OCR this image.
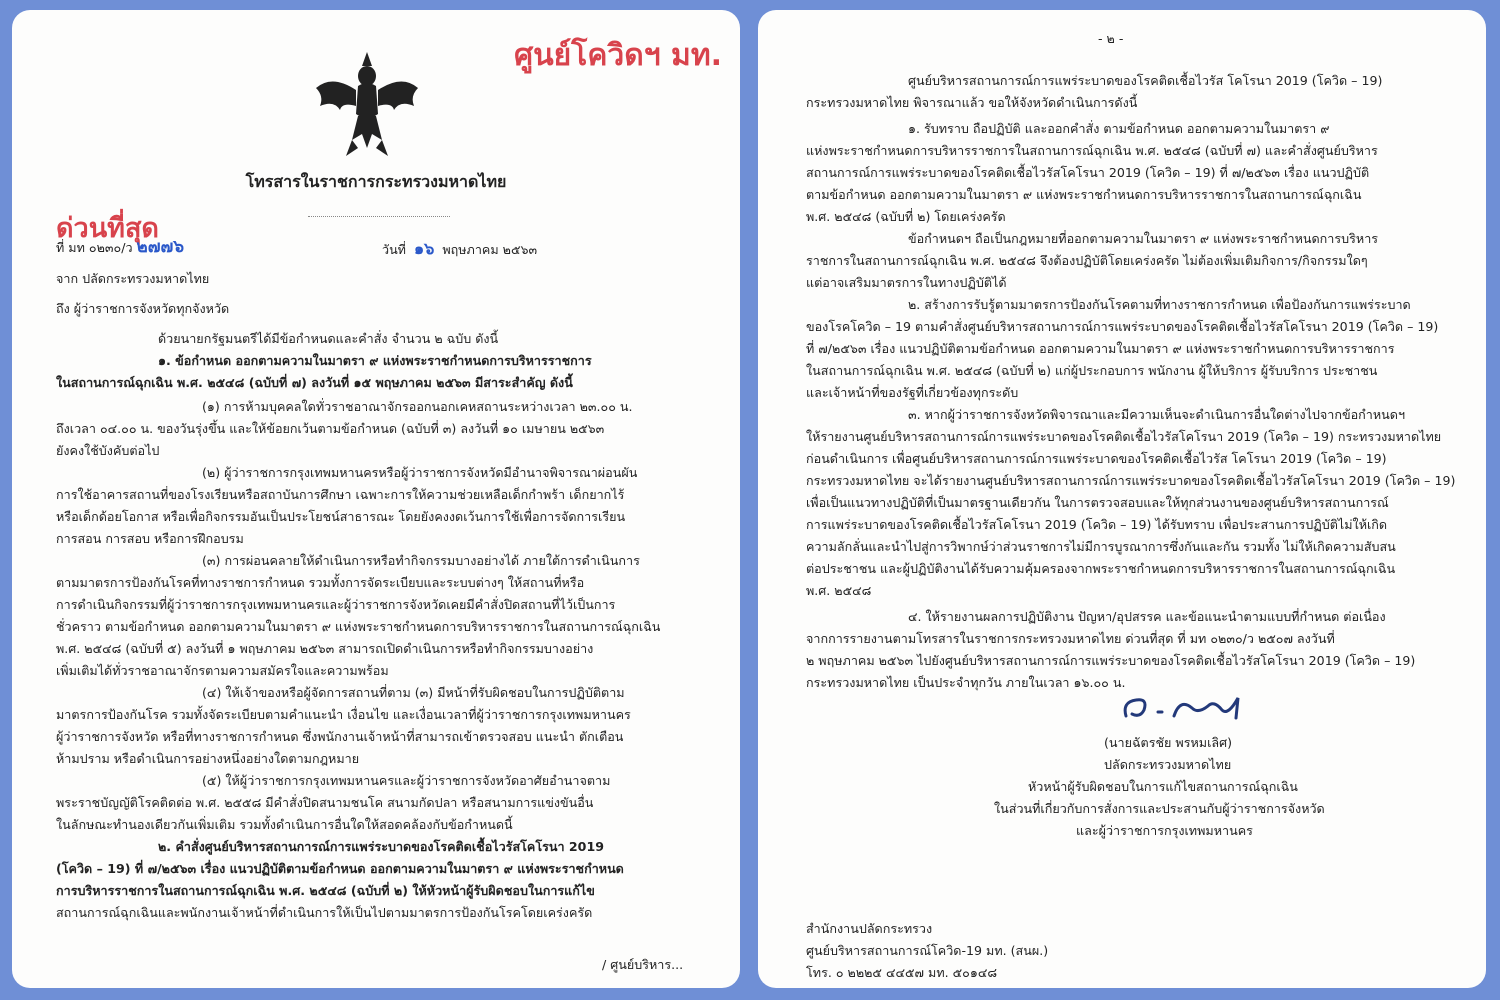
ศูนย์โควิดฯ มท.
โทรสารในราชการกระทรวงมหาดไทย
ด่วนที่สุด
ที่ มท ๐๒๓๐/ว ๒๗๗๖	วันที่ ๑๖ พฤษภาคม ๒๕๖๓
จาก ปลัดกระทรวงมหาดไทย
ถึง ผู้ว่าราชการจังหวัดทุกจังหวัด
ด้วยนายกรัฐมนตรีได้มีข้อกำหนดและคำสั่ง จำนวน ๒ ฉบับ ดังนี้
๑. ข้อกำหนด ออกตามความในมาตรา ๙ แห่งพระราชกำหนดการบริหารราชการ
ในสถานการณ์ฉุกเฉิน พ.ศ. ๒๕๔๘ (ฉบับที่ ๗) ลงวันที่ ๑๕ พฤษภาคม ๒๕๖๓ มีสาระสำคัญ ดังนี้
(๑) การห้ามบุคคลใดทั่วราชอาณาจักรออกนอกเคหสถานระหว่างเวลา ๒๓.๐๐ น.
ถึงเวลา ๐๔.๐๐ น. ของวันรุ่งขึ้น และให้ข้อยกเว้นตามข้อกำหนด (ฉบับที่ ๓) ลงวันที่ ๑๐ เมษายน ๒๕๖๓
ยังคงใช้บังคับต่อไป
(๒) ผู้ว่าราชการกรุงเทพมหานครหรือผู้ว่าราชการจังหวัดมีอำนาจพิจารณาผ่อนผัน
การใช้อาคารสถานที่ของโรงเรียนหรือสถาบันการศึกษา เฉพาะการให้ความช่วยเหลือเด็กกำพร้า เด็กยากไร้
หรือเด็กด้อยโอกาส หรือเพื่อกิจกรรมอันเป็นประโยชน์สาธารณะ โดยยังคงงดเว้นการใช้เพื่อการจัดการเรียน
การสอน การสอบ หรือการฝึกอบรม
(๓) การผ่อนคลายให้ดำเนินการหรือทำกิจกรรมบางอย่างได้ ภายใต้การดำเนินการ
ตามมาตรการป้องกันโรคที่ทางราชการกำหนด รวมทั้งการจัดระเบียบและระบบต่างๆ ให้สถานที่หรือ
การดำเนินกิจกรรมที่ผู้ว่าราชการกรุงเทพมหานครและผู้ว่าราชการจังหวัดเคยมีคำสั่งปิดสถานที่ไว้เป็นการ
ชั่วคราว ตามข้อกำหนด ออกตามความในมาตรา ๙ แห่งพระราชกำหนดการบริหารราชการในสถานการณ์ฉุกเฉิน
พ.ศ. ๒๕๔๘ (ฉบับที่ ๕) ลงวันที่ ๑ พฤษภาคม ๒๕๖๓ สามารถเปิดดำเนินการหรือทำกิจกรรมบางอย่าง
เพิ่มเติมได้ทั่วราชอาณาจักรตามความสมัครใจและความพร้อม
(๔) ให้เจ้าของหรือผู้จัดการสถานที่ตาม (๓) มีหน้าที่รับผิดชอบในการปฏิบัติตาม
มาตรการป้องกันโรค รวมทั้งจัดระเบียบตามคำแนะนำ เงื่อนไข และเงื่อนเวลาที่ผู้ว่าราชการกรุงเทพมหานคร
ผู้ว่าราชการจังหวัด หรือที่ทางราชการกำหนด ซึ่งพนักงานเจ้าหน้าที่สามารถเข้าตรวจสอบ แนะนำ ตักเตือน
ห้ามปราม หรือดำเนินการอย่างหนึ่งอย่างใดตามกฎหมาย
(๕) ให้ผู้ว่าราชการกรุงเทพมหานครและผู้ว่าราชการจังหวัดอาศัยอำนาจตาม
พระราชบัญญัติโรคติดต่อ พ.ศ. ๒๕๕๘ มีคำสั่งปิดสนามชนโค สนามกัดปลา หรือสนามการแข่งขันอื่น
ในลักษณะทำนองเดียวกันเพิ่มเติม รวมทั้งดำเนินการอื่นใดให้สอดคล้องกับข้อกำหนดนี้
๒. คำสั่งศูนย์บริหารสถานการณ์การแพร่ระบาดของโรคติดเชื้อไวรัสโคโรนา 2019
(โควิด – 19) ที่ ๗/๒๕๖๓ เรื่อง แนวปฏิบัติตามข้อกำหนด ออกตามความในมาตรา ๙ แห่งพระราชกำหนด
การบริหารราชการในสถานการณ์ฉุกเฉิน พ.ศ. ๒๕๔๘ (ฉบับที่ ๒) ให้หัวหน้าผู้รับผิดชอบในการแก้ไข
สถานการณ์ฉุกเฉินและพนักงานเจ้าหน้าที่ดำเนินการให้เป็นไปตามมาตรการป้องกันโรคโดยเคร่งครัด
/ ศูนย์บริหาร...
- ๒ -
ศูนย์บริหารสถานการณ์การแพร่ระบาดของโรคติดเชื้อไวรัส โคโรนา 2019 (โควิด – 19)
กระทรวงมหาดไทย พิจารณาแล้ว ขอให้จังหวัดดำเนินการดังนี้
๑. รับทราบ ถือปฏิบัติ และออกคำสั่ง ตามข้อกำหนด ออกตามความในมาตรา ๙
แห่งพระราชกำหนดการบริหารราชการในสถานการณ์ฉุกเฉิน พ.ศ. ๒๕๔๘ (ฉบับที่ ๗) และคำสั่งศูนย์บริหาร
สถานการณ์การแพร่ระบาดของโรคติดเชื้อไวรัสโคโรนา 2019 (โควิด – 19) ที่ ๗/๒๕๖๓ เรื่อง แนวปฏิบัติ
ตามข้อกำหนด ออกตามความในมาตรา ๙ แห่งพระราชกำหนดการบริหารราชการในสถานการณ์ฉุกเฉิน
พ.ศ. ๒๕๔๘ (ฉบับที่ ๒) โดยเคร่งครัด
ข้อกำหนดฯ ถือเป็นกฎหมายที่ออกตามความในมาตรา ๙ แห่งพระราชกำหนดการบริหาร
ราชการในสถานการณ์ฉุกเฉิน พ.ศ. ๒๕๔๘ จึงต้องปฏิบัติโดยเคร่งครัด ไม่ต้องเพิ่มเติมกิจการ/กิจกรรมใดๆ
แต่อาจเสริมมาตรการในทางปฏิบัติได้
๒. สร้างการรับรู้ตามมาตรการป้องกันโรคตามที่ทางราชการกำหนด เพื่อป้องกันการแพร่ระบาด
ของโรคโควิด – 19 ตามคำสั่งศูนย์บริหารสถานการณ์การแพร่ระบาดของโรคติดเชื้อไวรัสโคโรนา 2019 (โควิด – 19)
ที่ ๗/๒๕๖๓ เรื่อง แนวปฏิบัติตามข้อกำหนด ออกตามความในมาตรา ๙ แห่งพระราชกำหนดการบริหารราชการ
ในสถานการณ์ฉุกเฉิน พ.ศ. ๒๕๔๘ (ฉบับที่ ๒) แก่ผู้ประกอบการ พนักงาน ผู้ให้บริการ ผู้รับบริการ ประชาชน
และเจ้าหน้าที่ของรัฐที่เกี่ยวข้องทุกระดับ
๓. หากผู้ว่าราชการจังหวัดพิจารณาและมีความเห็นจะดำเนินการอื่นใดต่างไปจากข้อกำหนดฯ
ให้รายงานศูนย์บริหารสถานการณ์การแพร่ระบาดของโรคติดเชื้อไวรัสโคโรนา 2019 (โควิด – 19) กระทรวงมหาดไทย
ก่อนดำเนินการ เพื่อศูนย์บริหารสถานการณ์การแพร่ระบาดของโรคติดเชื้อไวรัส โคโรนา 2019 (โควิด – 19)
กระทรวงมหาดไทย จะได้รายงานศูนย์บริหารสถานการณ์การแพร่ระบาดของโรคติดเชื้อไวรัสโคโรนา 2019 (โควิด – 19)
เพื่อเป็นแนวทางปฏิบัติที่เป็นมาตรฐานเดียวกัน ในการตรวจสอบและให้ทุกส่วนงานของศูนย์บริหารสถานการณ์
การแพร่ระบาดของโรคติดเชื้อไวรัสโคโรนา 2019 (โควิด – 19) ได้รับทราบ เพื่อประสานการปฏิบัติไม่ให้เกิด
ความลักลั่นและนำไปสู่การวิพากษ์ว่าส่วนราชการไม่มีการบูรณาการซึ่งกันและกัน รวมทั้ง ไม่ให้เกิดความสับสน
ต่อประชาชน และผู้ปฏิบัติงานได้รับความคุ้มครองจากพระราชกำหนดการบริหารราชการในสถานการณ์ฉุกเฉิน
พ.ศ. ๒๕๔๘
๔. ให้รายงานผลการปฏิบัติงาน ปัญหา/อุปสรรค และข้อแนะนำตามแบบที่กำหนด ต่อเนื่อง
จากการรายงานตามโทรสารในราชการกระทรวงมหาดไทย ด่วนที่สุด ที่ มท ๐๒๓๐/ว ๒๕๐๗ ลงวันที่
๒ พฤษภาคม ๒๕๖๓ ไปยังศูนย์บริหารสถานการณ์การแพร่ระบาดของโรคติดเชื้อไวรัสโคโรนา 2019 (โควิด – 19)
กระทรวงมหาดไทย เป็นประจำทุกวัน ภายในเวลา ๑๖.๐๐ น.
(นายฉัตรชัย พรหมเลิศ)
ปลัดกระทรวงมหาดไทย
หัวหน้าผู้รับผิดชอบในการแก้ไขสถานการณ์ฉุกเฉิน
ในส่วนที่เกี่ยวกับการสั่งการและประสานกับผู้ว่าราชการจังหวัด
และผู้ว่าราชการกรุงเทพมหานคร
สำนักงานปลัดกระทรวง
ศูนย์บริหารสถานการณ์โควิด-19 มท. (สนผ.)
โทร. ๐ ๒๒๒๕ ๔๔๕๗ มท. ๕๐๑๔๘
